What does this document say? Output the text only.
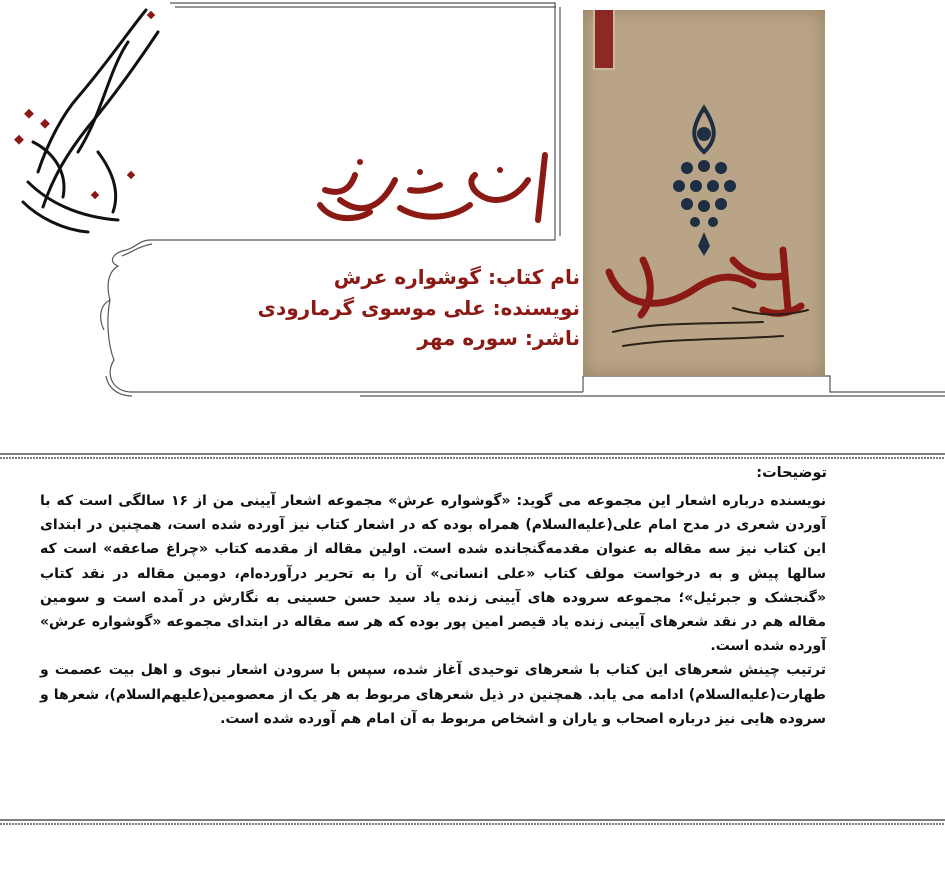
نام کتاب: گوشواره عرش
نویسنده: علی موسوی گرمارودی
ناشر: سوره مهر
توضیحات:

نویسنده درباره اشعار این مجموعه می گوید: «گوشواره عرش» مجموعه اشعار آیینی من از ۱۶ سالگی است که با آوردن شعری در مدح امام علی(علیه‌السلام) همراه بوده که در اشعار کتاب نیز آورده شده است، همچنین در ابتدای این کتاب نیز سه مقاله به عنوان مقدمه‌گنجانده شده است. اولین مقاله از مقدمه کتاب «چراغ صاعقه» است که سالها پیش و به درخواست مولف کتاب «علی انسانی» آن را به تحریر درآورده‌ام، دومین مقاله در نقد کتاب «گنجشک و جبرئیل»؛ مجموعه سروده های آیینی زنده یاد سید حسن حسینی به نگارش در آمده است و سومین مقاله هم در نقد شعرهای آیینی زنده یاد قیصر امین پور بوده که هر سه مقاله در ابتدای مجموعه «گوشواره عرش» آورده شده است.

ترتیب چینش شعرهای این کتاب با شعرهای توحیدی آغاز شده، سپس با سرودن اشعار نبوی و اهل بیت عصمت و طهارت(علیه‌السلام) ادامه می یابد. همچنین در ذیل شعرهای مربوط به هر یک از معصومین(علیهم‌السلام)، شعرها و سروده هایی نیز درباره اصحاب و یاران و اشخاص مربوط به آن امام هم آورده شده است.
